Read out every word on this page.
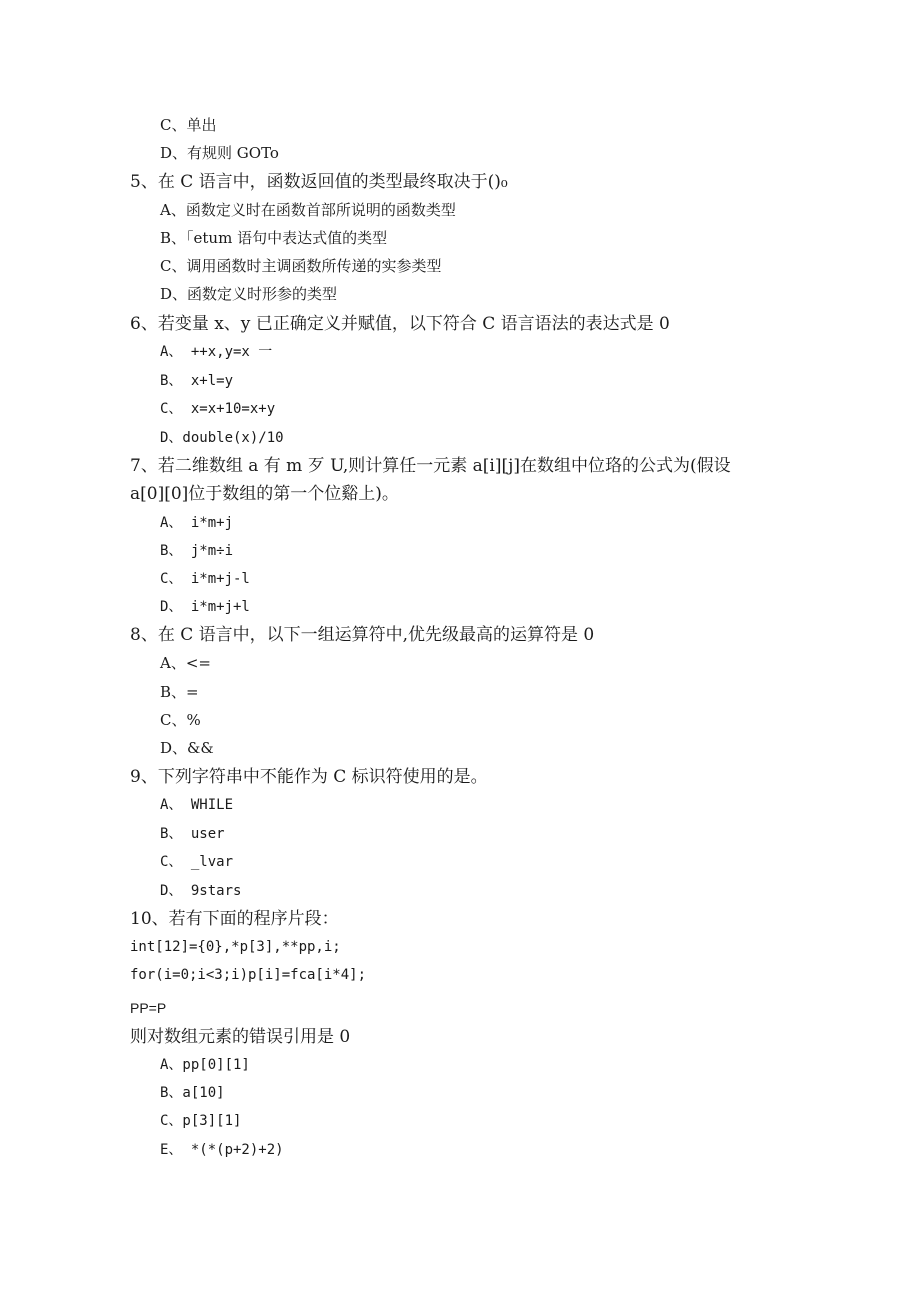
C、单出
D、有规则 GOTo
5、在 C 语言中，函数返回值的类型最终取决于()₀
A、函数定义时在函数首部所说明的函数类型
B、「etum 语句中表达式值的类型
C、调用函数时主调函数所传递的实参类型
D、函数定义时形参的类型
6、若变量 x、y 已正确定义并赋值，以下符合 C 语言语法的表达式是 0
A、 ++x,y=x 一
B、 x+l=y
C、 x=x+10=x+y
D、double(x)/10
7、若二维数组 a 有 m 歹 U,则计算任一元素 a[i][j]在数组中位珞的公式为(假设
a[0][0]位于数组的第一个位谿上)。
A、 i*m+j
B、 j*m÷i
C、 i*m+j-l
D、 i*m+j+l
8、在 C 语言中，以下一组运算符中,优先级最高的运算符是 0
A、<=
B、=
C、%
D、&&
9、下列字符串中不能作为 C 标识符使用的是。
A、 WHILE
B、 user
C、 _lvar
D、 9stars
10、若有下面的程序片段：
int[12]={0},*p[3],**pp,i;
for(i=0;i<3;i)p[i]=fca[i*4];
PP=P
则对数组元素的错误引用是 0
A、pp[0][1]
B、a[10]
C、p[3][1]
E、 *(*(p+2)+2)
